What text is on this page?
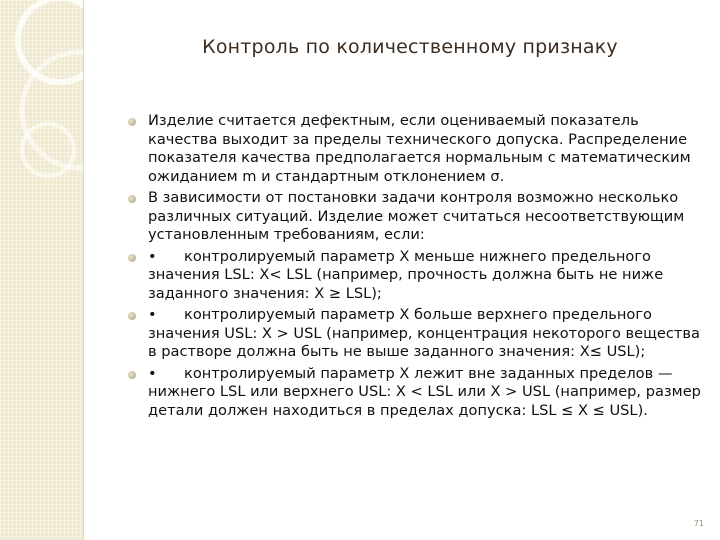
Контроль по количественному признаку
Изделие считается дефектным, если оцениваемый показатель качества выходит за пределы технического допуска. Распределение показателя качества предполагается нормальным с математическим ожиданием m и стандартным отклонением σ.
В зависимости от постановки задачи контроля возможно несколько различных ситуаций. Изделие может считаться несоответствующим установленным требованиям, если:
• контролируемый параметр X меньше нижнего предельного значения LSL: X< LSL (например, прочность должна быть не ниже заданного значения: X ≥ LSL);
• контролируемый параметр X больше верхнего предельного значения USL: X > USL (например, концентрация некоторого вещества в растворе должна быть не выше заданного значения: X≤ USL);
• контролируемый параметр X лежит вне заданных пределов — нижнего LSL или верхнего USL: X < LSL или X > USL (например, размер детали должен находиться в пределах допуска: LSL ≤ X ≤ USL).
71
